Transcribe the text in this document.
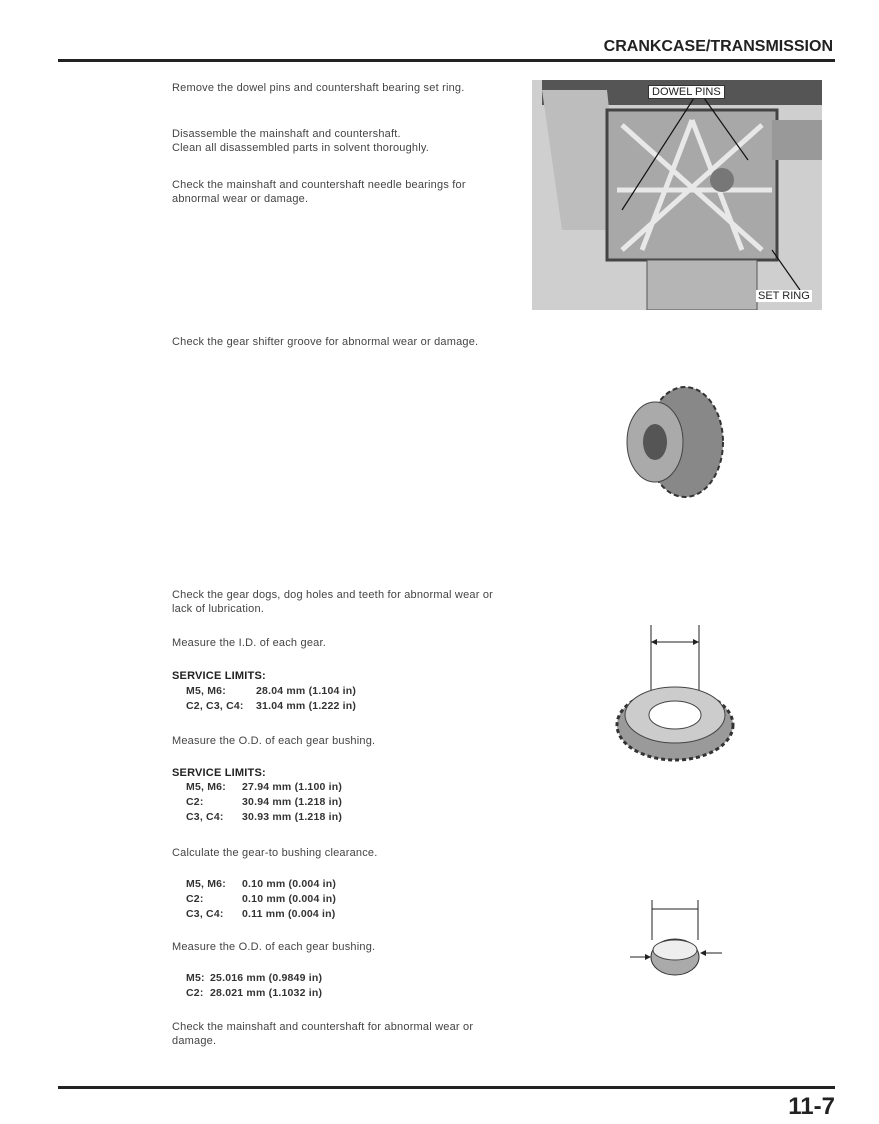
CRANKCASE/TRANSMISSION
Remove the dowel pins and countershaft bearing set ring.
Disassemble the mainshaft and countershaft.
Clean all disassembled parts in solvent thoroughly.
Check the mainshaft and countershaft needle bearings for abnormal wear or damage.
DOWEL PINS
SET RING
Check the gear shifter groove for abnormal wear or damage.
Check the gear dogs, dog holes and teeth for abnormal wear or lack of lubrication.
Measure the I.D. of each gear.
SERVICE LIMITS:
M5, M6:	28.04 mm (1.104 in)
C2, C3, C4: 31.04 mm (1.222 in)
Measure the O.D. of each gear bushing.
SERVICE LIMITS:
M5, M6: 27.94 mm (1.100 in)
C2:	30.94 mm (1.218 in)
C3, C4: 30.93 mm (1.218 in)
Calculate the gear-to bushing clearance.
M5, M6: 0.10 mm (0.004 in)
C2:	0.10 mm (0.004 in)
C3, C4: 0.11 mm (0.004 in)
Measure the O.D. of each gear bushing.
M5: 25.016 mm (0.9849 in)
C2: 28.021 mm (1.1032 in)
Check the mainshaft and countershaft for abnormal wear or damage.
11-7
